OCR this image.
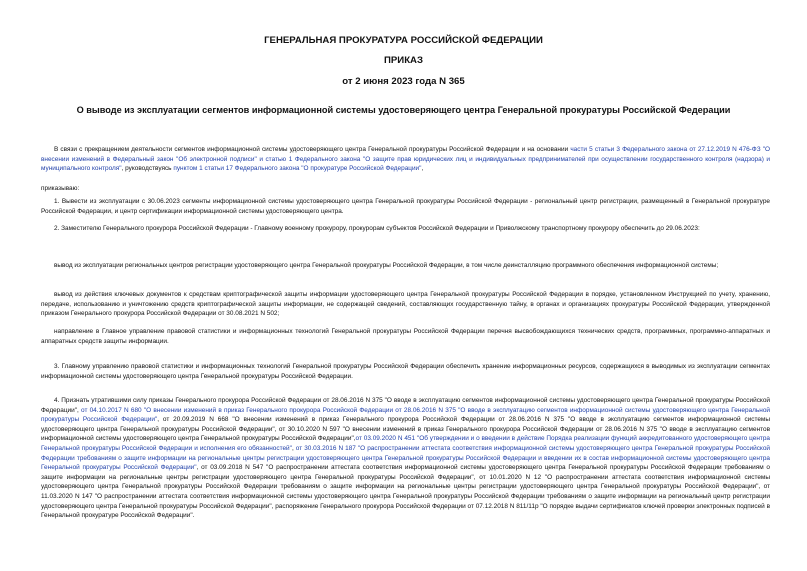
ГЕНЕРАЛЬНАЯ ПРОКУРАТУРА РОССИЙСКОЙ ФЕДЕРАЦИИ
ПРИКАЗ
от 2 июня 2023 года N 365
О выводе из эксплуатации сегментов информационной системы удостоверяющего центра Генеральной прокуратуры Российской Федерации

В связи с прекращением деятельности сегментов информационной системы удостоверяющего центра Генеральной прокуратуры Российской Федерации и на основании части 5 статьи 3 Федерального закона от 27.12.2019 N 476-ФЗ "О внесении изменений в Федеральный закон "Об электронной подписи" и статью 1 Федерального закона "О защите прав юридических лиц и индивидуальных предпринимателей при осуществлении государственного контроля (надзора) и муниципального контроля", руководствуясь пунктом 1 статьи 17 Федерального закона "О прокуратуре Российской Федерации",

приказываю:

1. Вывести из эксплуатации с 30.06.2023 сегменты информационной системы удостоверяющего центра Генеральной прокуратуры Российской Федерации - региональный центр регистрации, размещенный в Генеральной прокуратуре Российской Федерации, и центр сертификации информационной системы удостоверяющего центра.

2. Заместителю Генерального прокурора Российской Федерации - Главному военному прокурору, прокурорам субъектов Российской Федерации и Приволжскому транспортному прокурору обеспечить до 29.06.2023:

вывод из эксплуатации региональных центров регистрации удостоверяющего центра Генеральной прокуратуры Российской Федерации, в том числе деинсталляцию программного обеспечения информационной системы;

вывод из действия ключевых документов к средствам криптографической защиты информации удостоверяющего центра Генеральной прокуратуры Российской Федерации в порядке, установленном Инструкцией по учету, хранению, передаче, использованию и уничтожению средств криптографической защиты информации, не содержащей сведений, составляющих государственную тайну, в органах и организациях прокуратуры Российской Федерации, утвержденной приказом Генерального прокурора Российской Федерации от 30.08.2021 N 502;

направление в Главное управление правовой статистики и информационных технологий Генеральной прокуратуры Российской Федерации перечня высвобождающихся технических средств, программных, программно-аппаратных и аппаратных средств защиты информации.

3. Главному управлению правовой статистики и информационных технологий Генеральной прокуратуры Российской Федерации обеспечить хранение информационных ресурсов, содержащихся в выводимых из эксплуатации сегментах информационной системы удостоверяющего центра Генеральной прокуратуры Российской Федерации.

4. Признать утратившими силу приказы Генерального прокурора Российской Федерации от 28.06.2016 N 375 "О вводе в эксплуатацию сегментов информационной системы удостоверяющего центра Генеральной прокуратуры Российской Федерации", от 04.10.2017 N 680 "О внесении изменений в приказ Генерального прокурора Российской Федерации от 28.06.2016 N 375 "О вводе в эксплуатацию сегментов информационной системы удостоверяющего центра Генеральной прокуратуры Российской Федерации", от 20.09.2019 N 668 "О внесении изменений в приказ Генерального прокурора Российской Федерации от 28.06.2016 N 375 "О вводе в эксплуатацию сегментов информационной системы удостоверяющего центра Генеральной прокуратуры Российской Федерации", от 30.10.2020 N 597 "О внесении изменений в приказ Генерального прокурора Российской Федерации от 28.06.2016 N 375 "О вводе в эксплуатацию сегментов информационной системы удостоверяющего центра Генеральной прокуратуры Российской Федерации",от 03.09.2020 N 451 "Об утверждении и о введении в действие Порядка реализации функций аккредитованного удостоверяющего центра Генеральной прокуратуры Российской Федерации и исполнения его обязанностей", от 30.03.2016 N 187 "О распространении аттестата соответствия информационной системы удостоверяющего центра Генеральной прокуратуры Российской Федерации требованиям о защите информации на региональные центры регистрации удостоверяющего центра Генеральной прокуратуры Российской Федерации и введении их в состав информационной системы удостоверяющего центра Генеральной прокуратуры Российской Федерации", от 03.09.2018 N 547 "О распространении аттестата соответствия информационной системы удостоверяющего центра Генеральной прокуратуры Российской Федерации требованиям о защите информации на региональные центры регистрации удостоверяющего центра Генеральной прокуратуры Российской Федерации", от 10.01.2020 N 12 "О распространении аттестата соответствия информационной системы удостоверяющего центра Генеральной прокуратуры Российской Федерации требованиям о защите информации на региональные центры регистрации удостоверяющего центра Генеральной прокуратуры Российской Федерации", от 11.03.2020 N 147 "О распространении аттестата соответствия информационной системы удостоверяющего центра Генеральной прокуратуры Российской Федерации требованиям о защите информации на региональный центр регистрации удостоверяющего центра Генеральной прокуратуры Российской Федерации", распоряжение Генерального прокурора Российской Федерации от 07.12.2018 N 811/11р "О порядке выдачи сертификатов ключей проверки электронных подписей в Генеральной прокуратуре Российской Федерации".
